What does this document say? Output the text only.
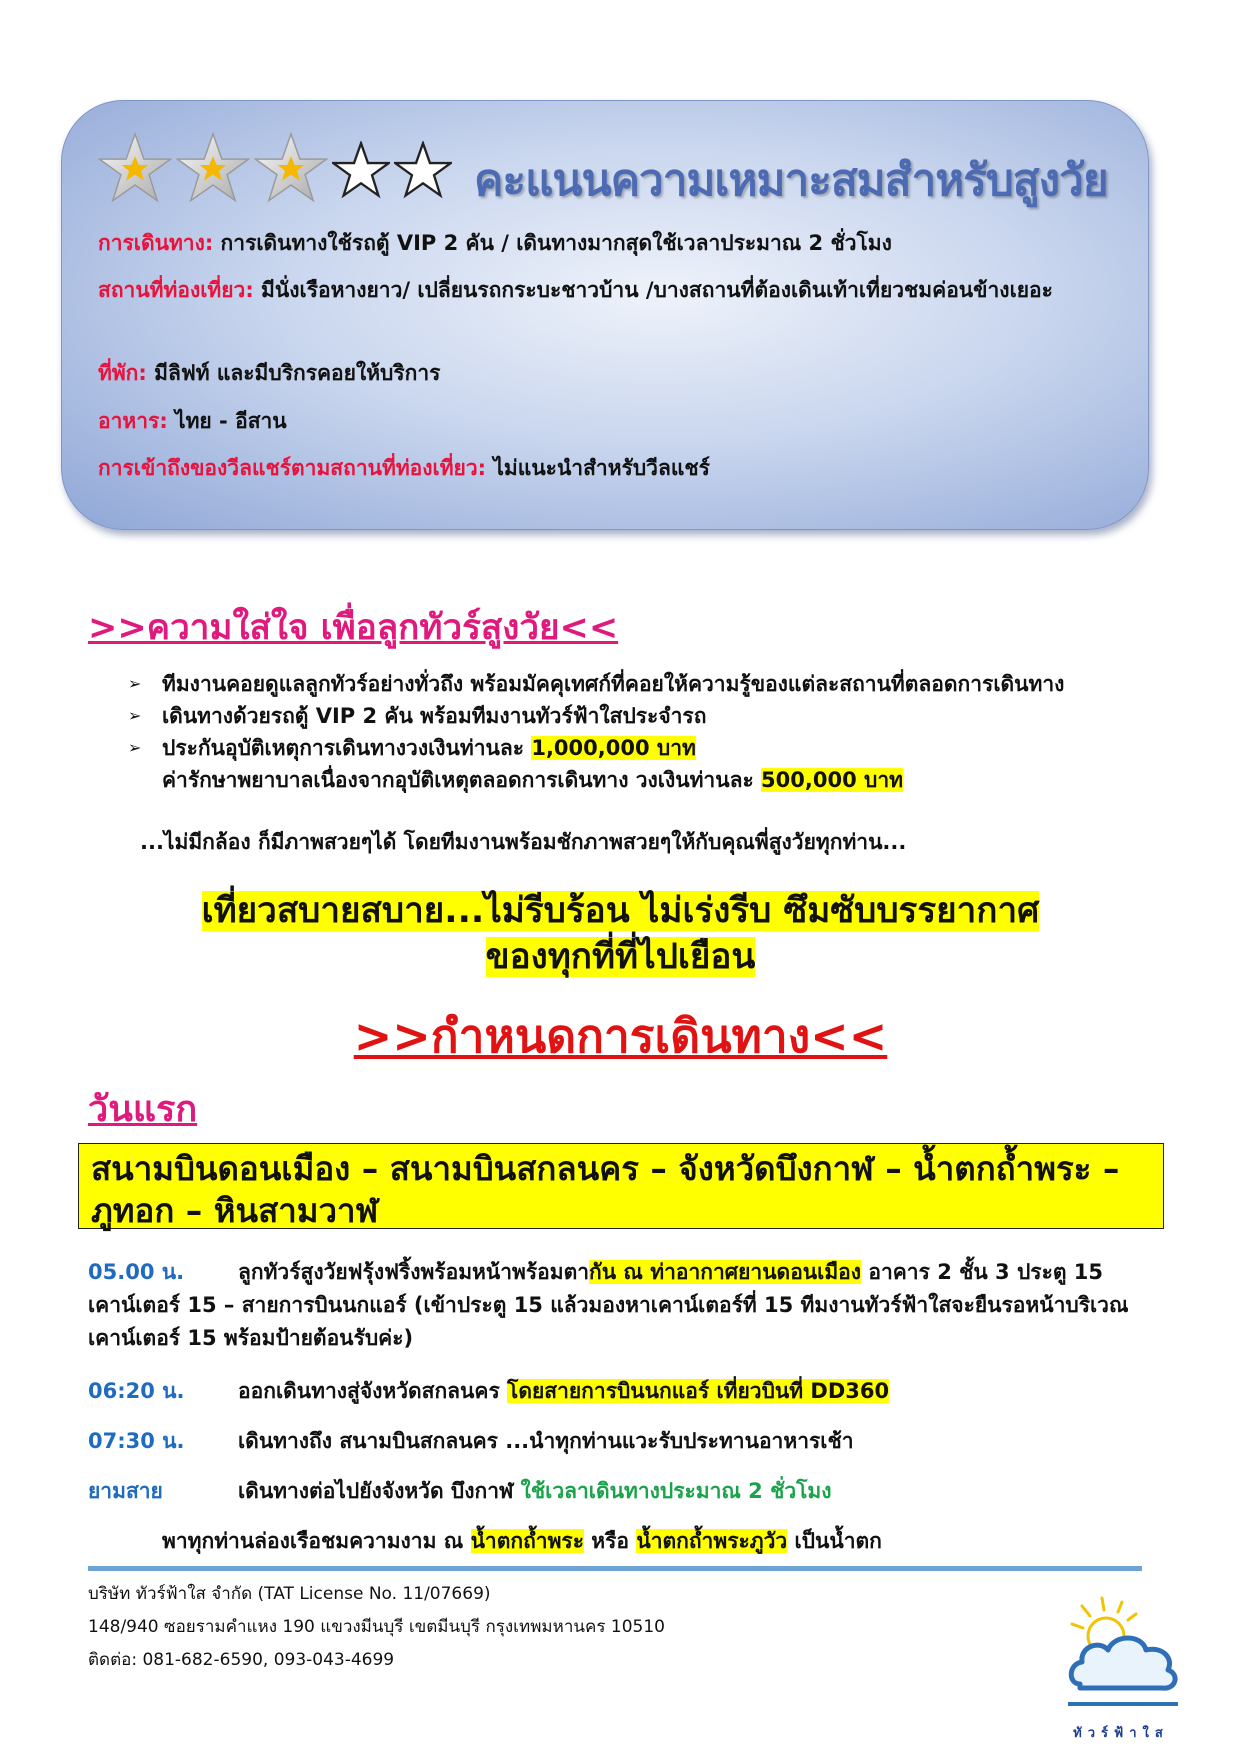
คะแนนความเหมาะสมสำหรับสูงวัย
การเดินทาง: การเดินทางใช้รถตู้ VIP 2 คัน / เดินทางมากสุดใช้เวลาประมาณ 2 ชั่วโมง
สถานที่ท่องเที่ยว: มีนั่งเรือหางยาว/ เปลี่ยนรถกระบะชาวบ้าน /บางสถานที่ต้องเดินเท้าเที่ยวชมค่อนข้างเยอะ
ที่พัก: มีลิฟท์ และมีบริกรคอยให้บริการ
อาหาร: ไทย - อีสาน
การเข้าถึงของวีลแชร์ตามสถานที่ท่องเที่ยว: ไม่แนะนำสำหรับวีลแชร์
>>ความใส่ใจ เพื่อลูกทัวร์สูงวัย<<
➢ ทีมงานคอยดูแลลูกทัวร์อย่างทั่วถึง พร้อมมัคคุเทศก์ที่คอยให้ความรู้ของแต่ละสถานที่ตลอดการเดินทาง
➢ เดินทางด้วยรถตู้ VIP 2 คัน พร้อมทีมงานทัวร์ฟ้าใสประจำรถ
➢ ประกันอุบัติเหตุการเดินทางวงเงินท่านละ 1,000,000 บาท
ค่ารักษาพยาบาลเนื่องจากอุบัติเหตุตลอดการเดินทาง วงเงินท่านละ 500,000 บาท
...ไม่มีกล้อง ก็มีภาพสวยๆได้ โดยทีมงานพร้อมชักภาพสวยๆให้กับคุณพี่สูงวัยทุกท่าน...
เที่ยวสบายสบาย...ไม่รีบร้อน ไม่เร่งรีบ ซึมซับบรรยากาศ
ของทุกที่ที่ไปเยือน
>>กำหนดการเดินทาง<<
วันแรก
สนามบินดอนเมือง – สนามบินสกลนคร – จังหวัดบึงกาฬ – น้ำตกถ้ำพระ – ภูทอก – หินสามวาฬ
05.00 น.	ลูกทัวร์สูงวัยฟรุ้งฟริ้งพร้อมหน้าพร้อมตากัน ณ ท่าอากาศยานดอนเมือง อาคาร 2 ชั้น 3 ประตู 15 เคาน์เตอร์ 15 – สายการบินนกแอร์ (เข้าประตู 15 แล้วมองหาเคาน์เตอร์ที่ 15 ทีมงานทัวร์ฟ้าใสจะยืนรอหน้าบริเวณเคาน์เตอร์ 15 พร้อมป้ายต้อนรับค่ะ)
06:20 น.	ออกเดินทางสู่จังหวัดสกลนคร โดยสายการบินนกแอร์ เที่ยวบินที่ DD360
07:30 น.	เดินทางถึง สนามบินสกลนคร ...นำทุกท่านแวะรับประทานอาหารเช้า
ยามสาย	เดินทางต่อไปยังจังหวัด บึงกาฬ ใช้เวลาเดินทางประมาณ 2 ชั่วโมง
พาทุกท่านล่องเรือชมความงาม ณ น้ำตกถ้ำพระ หรือ น้ำตกถ้ำพระภูวัว เป็นน้ำตก
บริษัท ทัวร์ฟ้าใส จำกัด (TAT License No. 11/07669)
148/940 ซอยรามคำแหง 190 แขวงมีนบุรี เขตมีนบุรี กรุงเทพมหานคร 10510
ติดต่อ: 081-682-6590, 093-043-4699
ทัวร์ฟ้าใส
